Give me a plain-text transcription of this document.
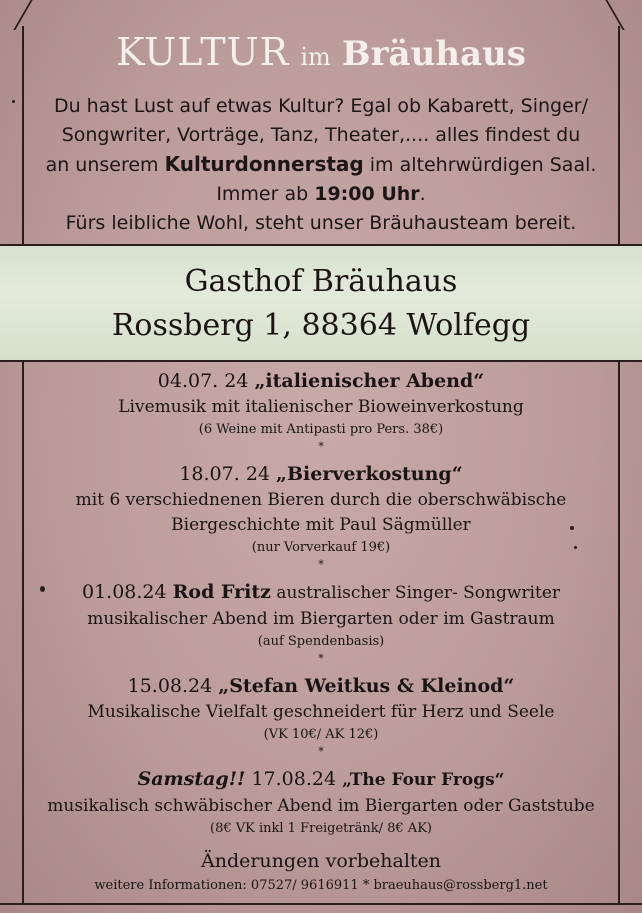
KULTUR im Bräuhaus
Du hast Lust auf etwas Kultur? Egal ob Kabarett, Singer/
Songwriter, Vorträge, Tanz, Theater,.... alles findest du
an unserem Kulturdonnerstag im altehrwürdigen Saal.
Immer ab 19:00 Uhr.
Fürs leibliche Wohl, steht unser Bräuhausteam bereit.
Gasthof Bräuhaus
Rossberg 1, 88364 Wolfegg
04.07. 24 „italienischer Abend“
Livemusik mit italienischer Bioweinverkostung
(6 Weine mit Antipasti pro Pers. 38€)
*
18.07. 24 „Bierverkostung“
mit 6 verschiednenen Bieren durch die oberschwäbische
Biergeschichte mit Paul Sägmüller
(nur Vorverkauf 19€)
*
01.08.24 Rod Fritz australischer Singer- Songwriter
musikalischer Abend im Biergarten oder im Gastraum
(auf Spendenbasis)
*
15.08.24 „Stefan Weitkus & Kleinod“
Musikalische Vielfalt geschneidert für Herz und Seele
(VK 10€/ AK 12€)
*
Samstag!! 17.08.24 „The Four Frogs“
musikalisch schwäbischer Abend im Biergarten oder Gaststube
(8€ VK inkl 1 Freigetränk/ 8€ AK)
Änderungen vorbehalten
weitere Informationen: 07527/ 9616911 * braeuhaus@rossberg1.net
